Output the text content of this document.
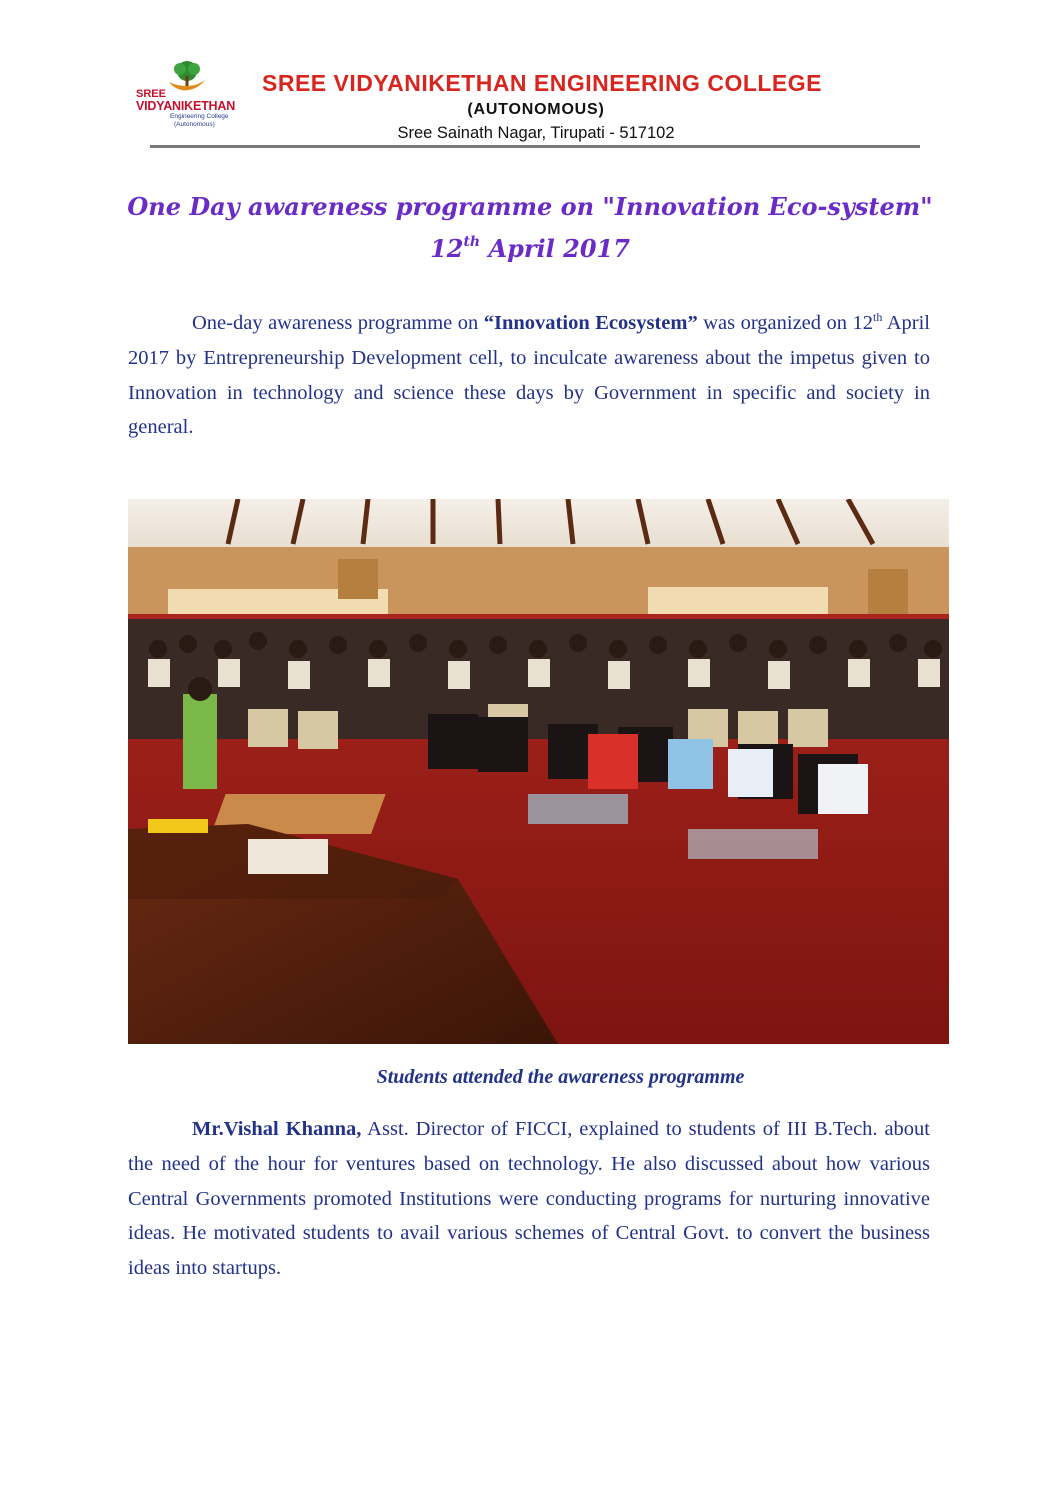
SREE
VIDYANIKETHAN
Engineering College
(Autonomous)
SREE VIDYANIKETHAN ENGINEERING COLLEGE
(AUTONOMOUS)
Sree Sainath Nagar, Tirupati - 517102
One Day awareness programme on "Innovation Eco-system"
12th April 2017

One-day awareness programme on “Innovation Ecosystem” was organized on 12th April 2017 by Entrepreneurship Development cell, to inculcate awareness about the impetus given to Innovation in technology and science these days by Government in specific and society in general.

Students attended the awareness programme

Mr.Vishal Khanna, Asst. Director of FICCI, explained to students of III B.Tech. about the need of the hour for ventures based on technology. He also discussed about how various Central Governments promoted Institutions were conducting programs for nurturing innovative ideas. He motivated students to avail various schemes of Central Govt. to convert the business ideas into startups.
